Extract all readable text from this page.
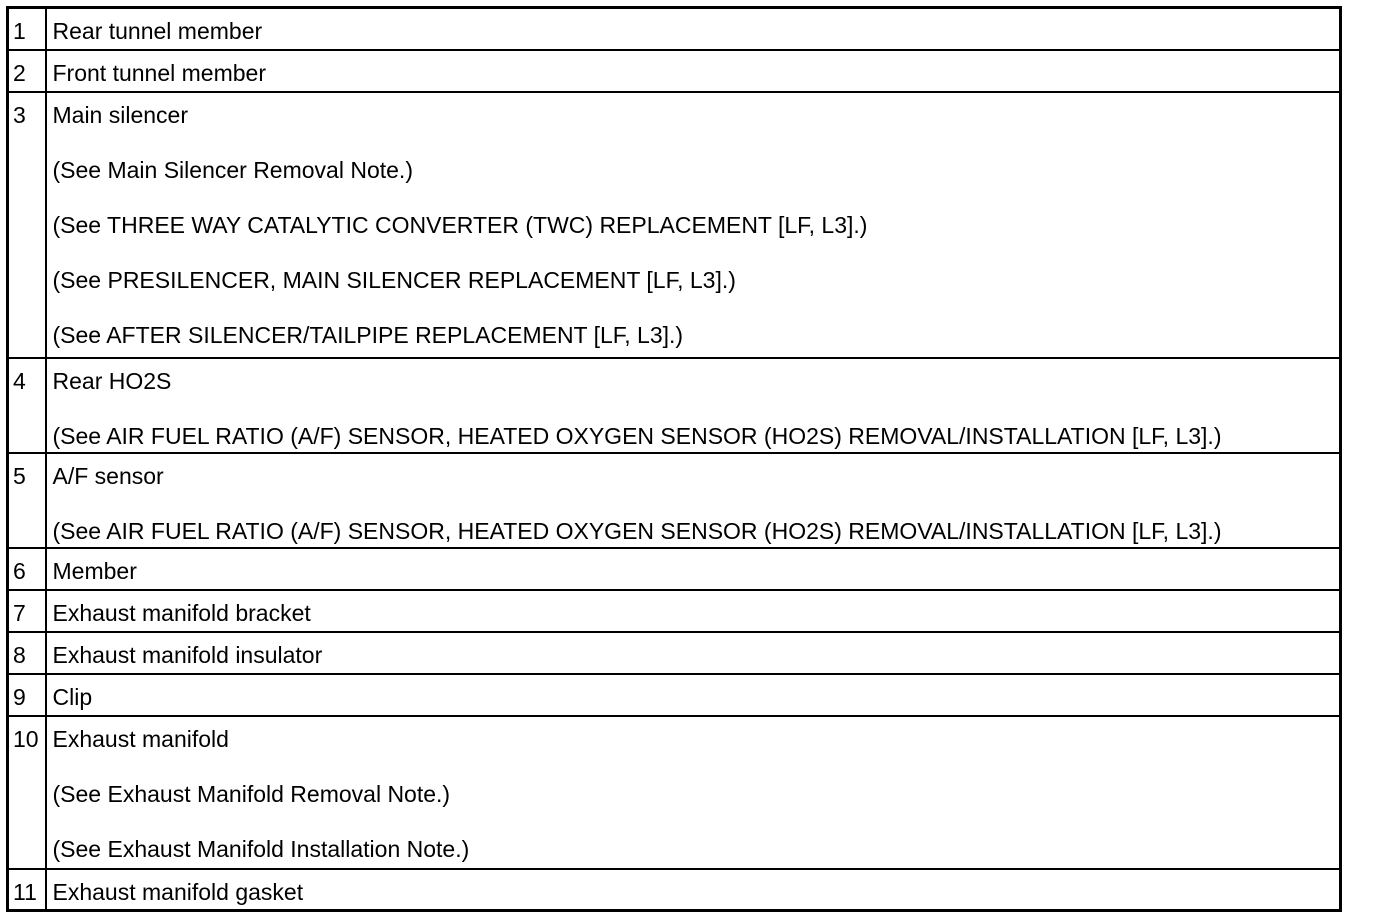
1	Rear tunnel member

2	Front tunnel member

3	Main silencer
(See Main Silencer Removal Note.)
(See THREE WAY CATALYTIC CONVERTER (TWC) REPLACEMENT [LF, L3].)
(See PRESILENCER, MAIN SILENCER REPLACEMENT [LF, L3].)
(See AFTER SILENCER/TAILPIPE REPLACEMENT [LF, L3].)

4	Rear HO2S
(See AIR FUEL RATIO (A/F) SENSOR, HEATED OXYGEN SENSOR (HO2S) REMOVAL/INSTALLATION [LF, L3].)

5	A/F sensor
(See AIR FUEL RATIO (A/F) SENSOR, HEATED OXYGEN SENSOR (HO2S) REMOVAL/INSTALLATION [LF, L3].)

6	Member

7	Exhaust manifold bracket

8	Exhaust manifold insulator

9	Clip

10	Exhaust manifold
(See Exhaust Manifold Removal Note.)
(See Exhaust Manifold Installation Note.)

11	Exhaust manifold gasket
